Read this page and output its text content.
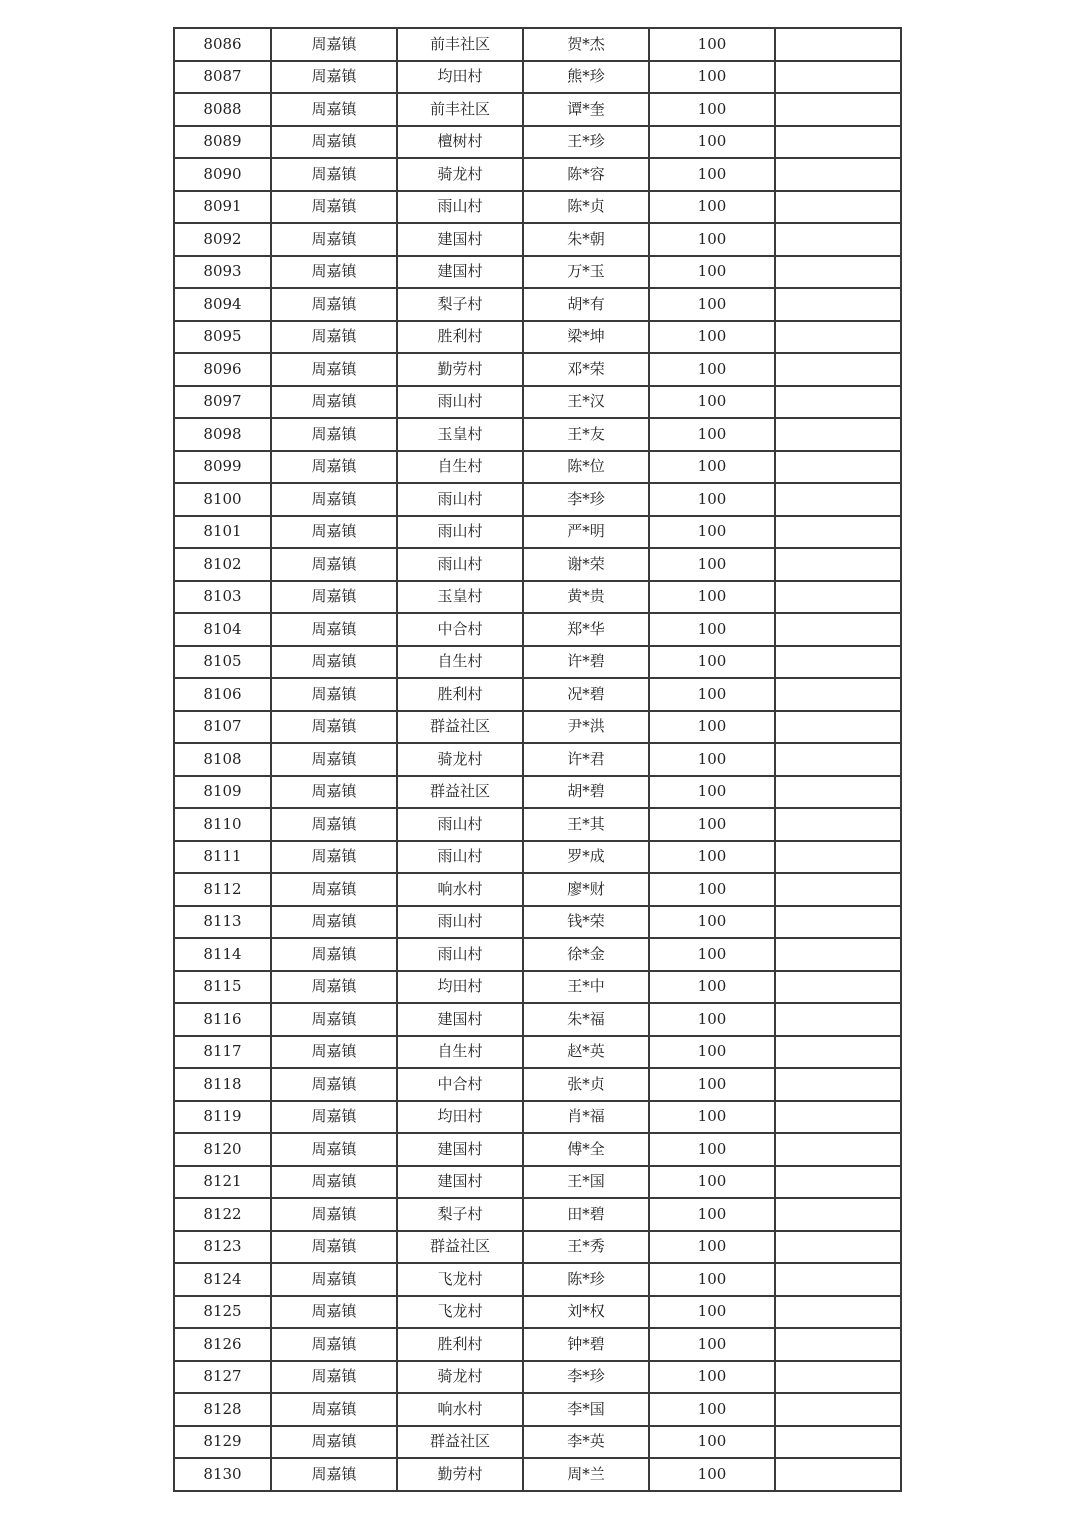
8086	周嘉镇	前丰社区	贺*杰	100	
8087	周嘉镇	均田村	熊*珍	100	
8088	周嘉镇	前丰社区	谭*奎	100	
8089	周嘉镇	檀树村	王*珍	100	
8090	周嘉镇	骑龙村	陈*容	100	
8091	周嘉镇	雨山村	陈*贞	100	
8092	周嘉镇	建国村	朱*朝	100	
8093	周嘉镇	建国村	万*玉	100	
8094	周嘉镇	梨子村	胡*有	100	
8095	周嘉镇	胜利村	梁*坤	100	
8096	周嘉镇	勤劳村	邓*荣	100	
8097	周嘉镇	雨山村	王*汉	100	
8098	周嘉镇	玉皇村	王*友	100	
8099	周嘉镇	自生村	陈*位	100	
8100	周嘉镇	雨山村	李*珍	100	
8101	周嘉镇	雨山村	严*明	100	
8102	周嘉镇	雨山村	谢*荣	100	
8103	周嘉镇	玉皇村	黄*贵	100	
8104	周嘉镇	中合村	郑*华	100	
8105	周嘉镇	自生村	许*碧	100	
8106	周嘉镇	胜利村	况*碧	100	
8107	周嘉镇	群益社区	尹*洪	100	
8108	周嘉镇	骑龙村	许*君	100	
8109	周嘉镇	群益社区	胡*碧	100	
8110	周嘉镇	雨山村	王*其	100	
8111	周嘉镇	雨山村	罗*成	100	
8112	周嘉镇	响水村	廖*财	100	
8113	周嘉镇	雨山村	钱*荣	100	
8114	周嘉镇	雨山村	徐*金	100	
8115	周嘉镇	均田村	王*中	100	
8116	周嘉镇	建国村	朱*福	100	
8117	周嘉镇	自生村	赵*英	100	
8118	周嘉镇	中合村	张*贞	100	
8119	周嘉镇	均田村	肖*福	100	
8120	周嘉镇	建国村	傅*全	100	
8121	周嘉镇	建国村	王*国	100	
8122	周嘉镇	梨子村	田*碧	100	
8123	周嘉镇	群益社区	王*秀	100	
8124	周嘉镇	飞龙村	陈*珍	100	
8125	周嘉镇	飞龙村	刘*权	100	
8126	周嘉镇	胜利村	钟*碧	100	
8127	周嘉镇	骑龙村	李*珍	100	
8128	周嘉镇	响水村	李*国	100	
8129	周嘉镇	群益社区	李*英	100	
8130	周嘉镇	勤劳村	周*兰	100	
